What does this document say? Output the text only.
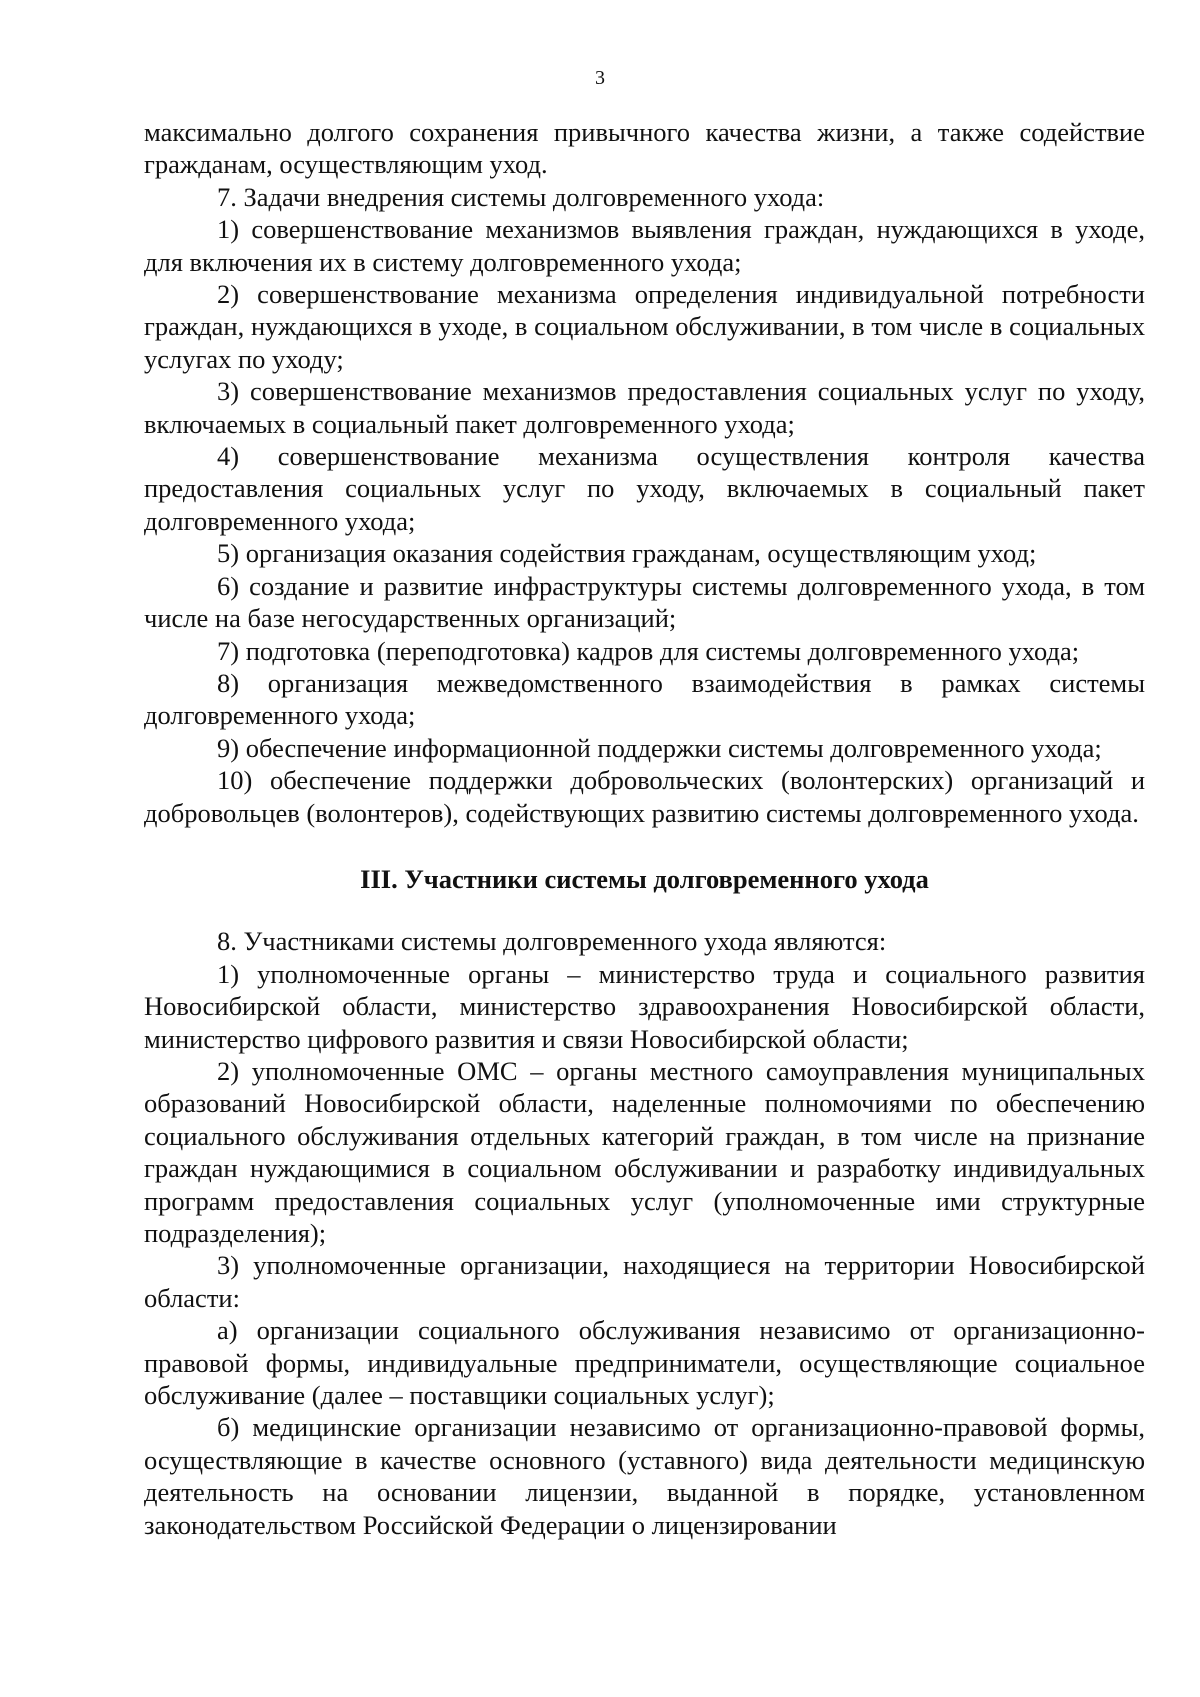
3

максимально долгого сохранения привычного качества жизни, а также содействие гражданам, осуществляющим уход.

7. Задачи внедрения системы долговременного ухода:

1) совершенствование механизмов выявления граждан, нуждающихся в уходе, для включения их в систему долговременного ухода;

2) совершенствование механизма определения индивидуальной потребности граждан, нуждающихся в уходе, в социальном обслуживании, в том числе в социальных услугах по уходу;

3) совершенствование механизмов предоставления социальных услуг по уходу, включаемых в социальный пакет долговременного ухода;

4) совершенствование механизма осуществления контроля качества предоставления социальных услуг по уходу, включаемых в социальный пакет долговременного ухода;

5) организация оказания содействия гражданам, осуществляющим уход;

6) создание и развитие инфраструктуры системы долговременного ухода, в том числе на базе негосударственных организаций;

7) подготовка (переподготовка) кадров для системы долговременного ухода;

8) организация межведомственного взаимодействия в рамках системы долговременного ухода;

9) обеспечение информационной поддержки системы долговременного ухода;

10) обеспечение поддержки добровольческих (волонтерских) организаций и добровольцев (волонтеров), содействующих развитию системы долговременного ухода.

III. Участники системы долговременного ухода

8. Участниками системы долговременного ухода являются:

1) уполномоченные органы – министерство труда и социального развития Новосибирской области, министерство здравоохранения Новосибирской области, министерство цифрового развития и связи Новосибирской области;

2) уполномоченные ОМС – органы местного самоуправления муниципальных образований Новосибирской области, наделенные полномочиями по обеспечению социального обслуживания отдельных категорий граждан, в том числе на признание граждан нуждающимися в социальном обслуживании и разработку индивидуальных программ предоставления социальных услуг (уполномоченные ими структурные подразделения);

3) уполномоченные организации, находящиеся на территории Новосибирской области:

а) организации социального обслуживания независимо от организационно-правовой формы, индивидуальные предприниматели, осуществляющие социальное обслуживание (далее – поставщики социальных услуг);

б) медицинские организации независимо от организационно-правовой формы, осуществляющие в качестве основного (уставного) вида деятельности медицинскую деятельность на основании лицензии, выданной в порядке, установленном законодательством Российской Федерации о лицензировании
